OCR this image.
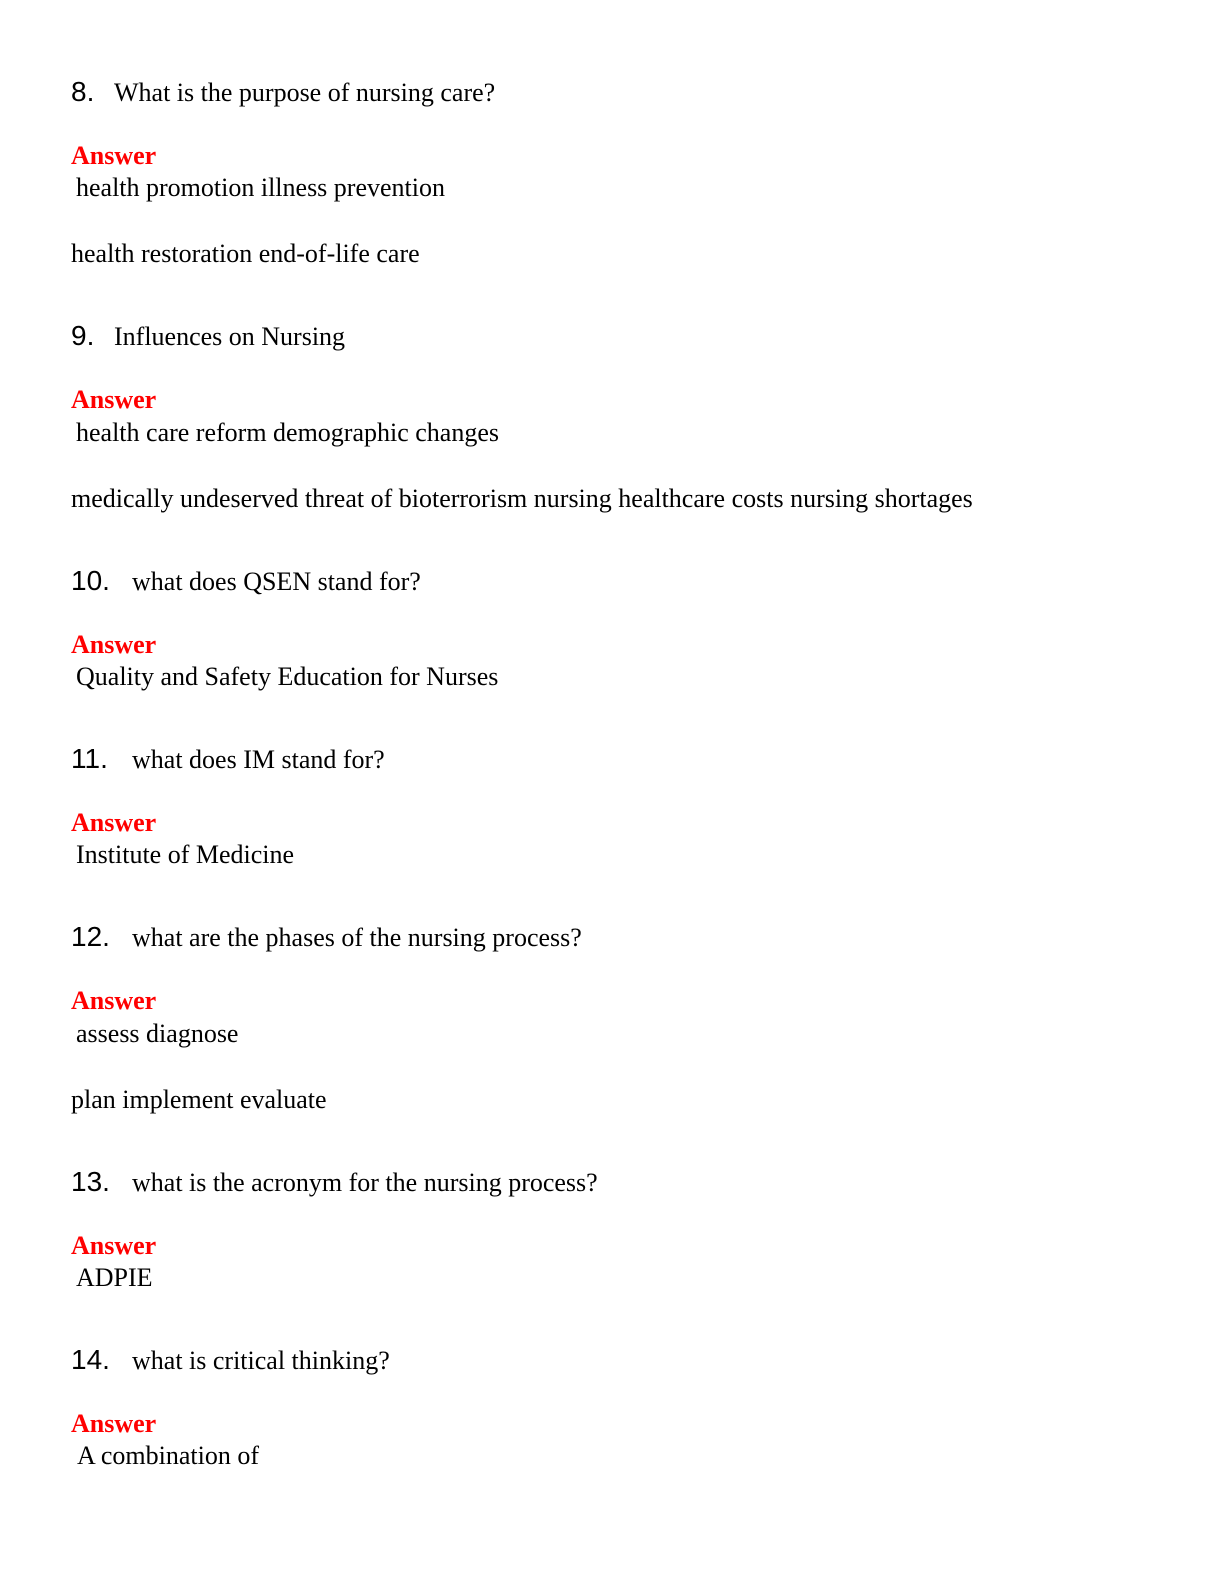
8. What is the purpose of nursing care?
Answer
health promotion illness prevention
health restoration end-of-life care
9. Influences on Nursing
Answer
health care reform demographic changes
medically undeserved threat of bioterrorism nursing healthcare costs nursing shortages
10. what does QSEN stand for?
Answer
Quality and Safety Education for Nurses
11. what does IM stand for?
Answer
Institute of Medicine
12. what are the phases of the nursing process?
Answer
assess diagnose
plan implement evaluate
13. what is the acronym for the nursing process?
Answer
ADPIE
14. what is critical thinking?
Answer
A combination of
